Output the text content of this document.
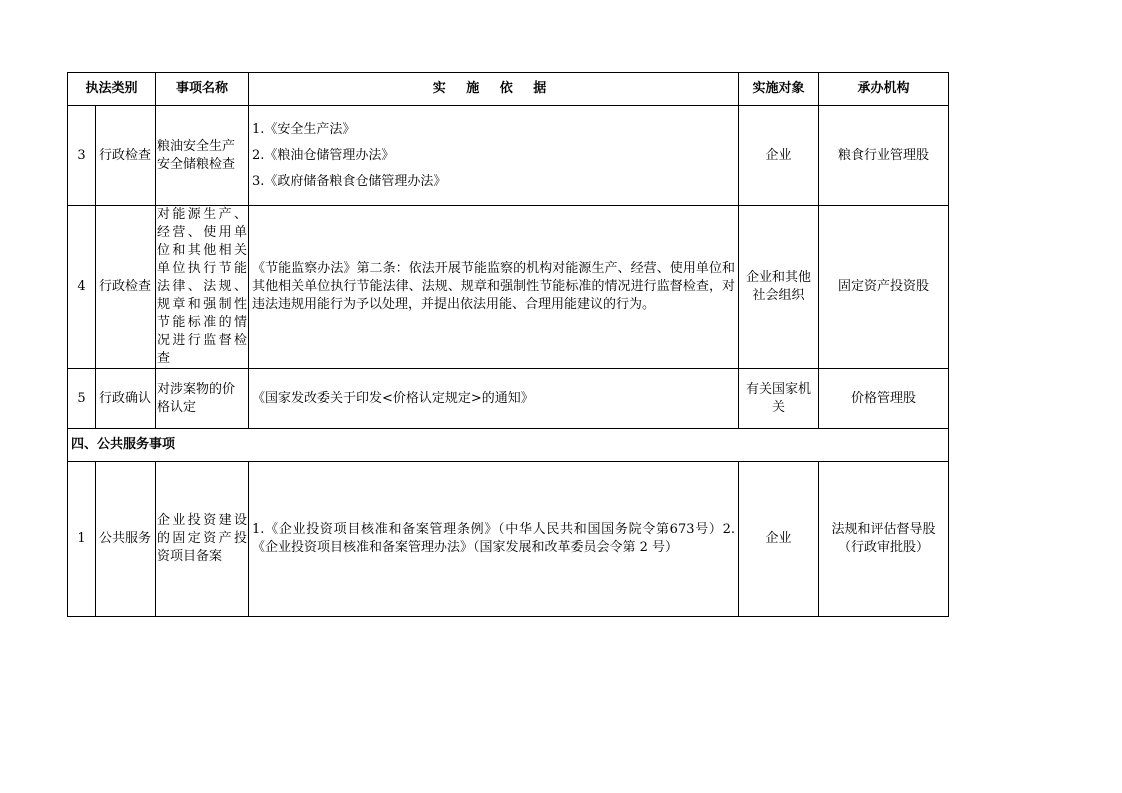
执法类别		事项名称	实 施 依 据	实施对象	承办机构
3	行政检查	粮油安全生产安全储粮检查	1.《安全生产法》
2.《粮油仓储管理办法》
3.《政府储备粮食仓储管理办法》	企业	粮食行业管理股
4	行政检查	对能源生产、经营、使用单位和其他相关单位执行节能法律、法规、规章和强制性节能标准的情况进行监督检查	《节能监察办法》第二条：依法开展节能监察的机构对能源生产、经营、使用单位和其他相关单位执行节能法律、法规、规章和强制性节能标准的情况进行监督检查，对违法违规用能行为予以处理，并提出依法用能、合理用能建议的行为。	企业和其他社会组织	固定资产投资股
5	行政确认	对涉案物的价格认定	《国家发改委关于印发<价格认定规定>的通知》	有关国家机关	价格管理股
四、公共服务事项					
1	公共服务	企业投资建设的固定资产投资项目备案	1.《企业投资项目核准和备案管理条例》（中华人民共和国国务院令第673号）2.《企业投资项目核准和备案管理办法》（国家发展和改革委员会令第 2 号）	企业	法规和评估督导股（行政审批股）
